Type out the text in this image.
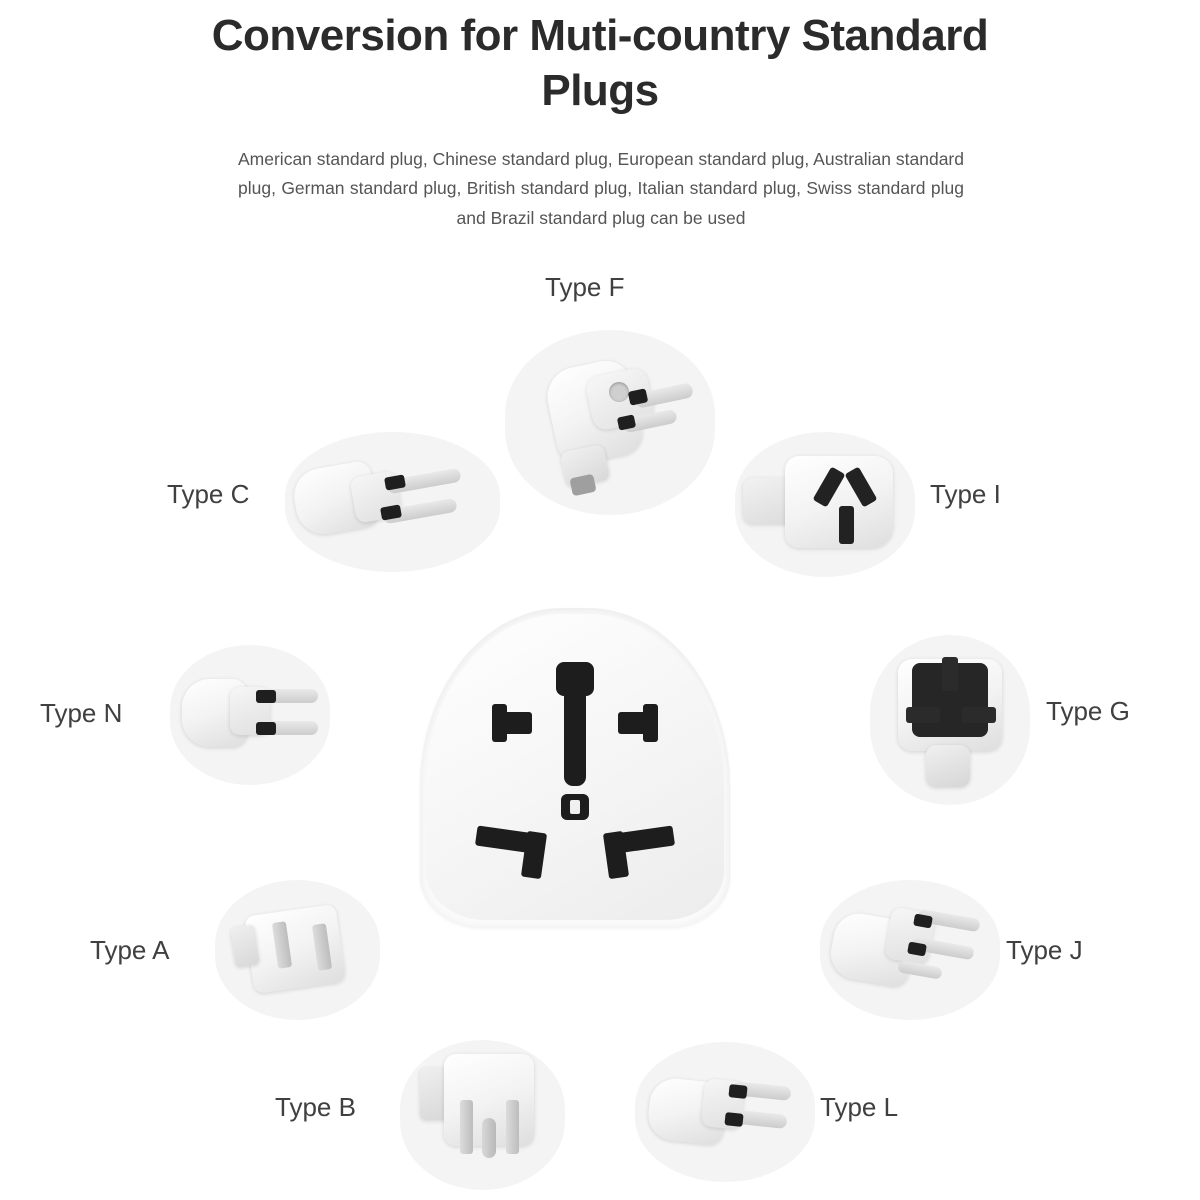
Conversion for Muti-country Standard Plugs
American standard plug, Chinese standard plug, European standard plug, Australian standard plug, German standard plug, British standard plug, Italian standard plug, Swiss standard plug and Brazil standard plug can be used
Type F
Type C	Type I
Type N	Type G
Type A	Type J
Type B	Type L
